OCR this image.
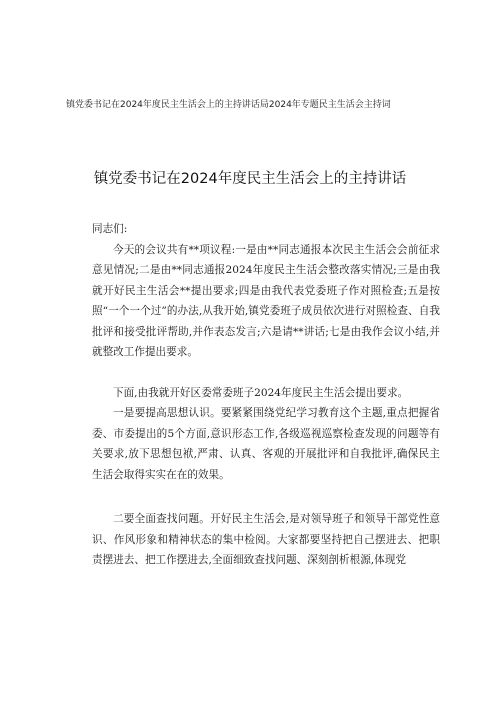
镇党委书记在2024年度民主生活会上的主持讲话局2024年专题民主生活会主持词
镇党委书记在2024年度民主生活会上的主持讲话

同志们:

今天的会议共有**项议程:一是由**同志通报本次民主生活会会前征求意见情况;二是由**同志通报2024年度民主生活会整改落实情况;三是由我就开好民主生活会**提出要求;四是由我代表党委班子作对照检查;五是按照“一个一个过”的办法,从我开始,镇党委班子成员依次进行对照检查、自我批评和接受批评帮助,并作表态发言;六是请**讲话;七是由我作会议小结,并就整改工作提出要求。

下面,由我就开好区委常委班子2024年度民主生活会提出要求。

一是要提高思想认识。要紧紧围绕党纪学习教育这个主题,重点把握省委、市委提出的5个方面,意识形态工作,各级巡视巡察检查发现的问题等有关要求,放下思想包袱,严肃、认真、客观的开展批评和自我批评,确保民主生活会取得实实在在的效果。

二要全面查找问题。开好民主生活会,是对领导班子和领导干部党性意识、作风形象和精神状态的集中检阅。大家都要坚持把自己摆进去、把职责摆进去、把工作摆进去,全面细致查找问题、深刻剖析根源,体现党
